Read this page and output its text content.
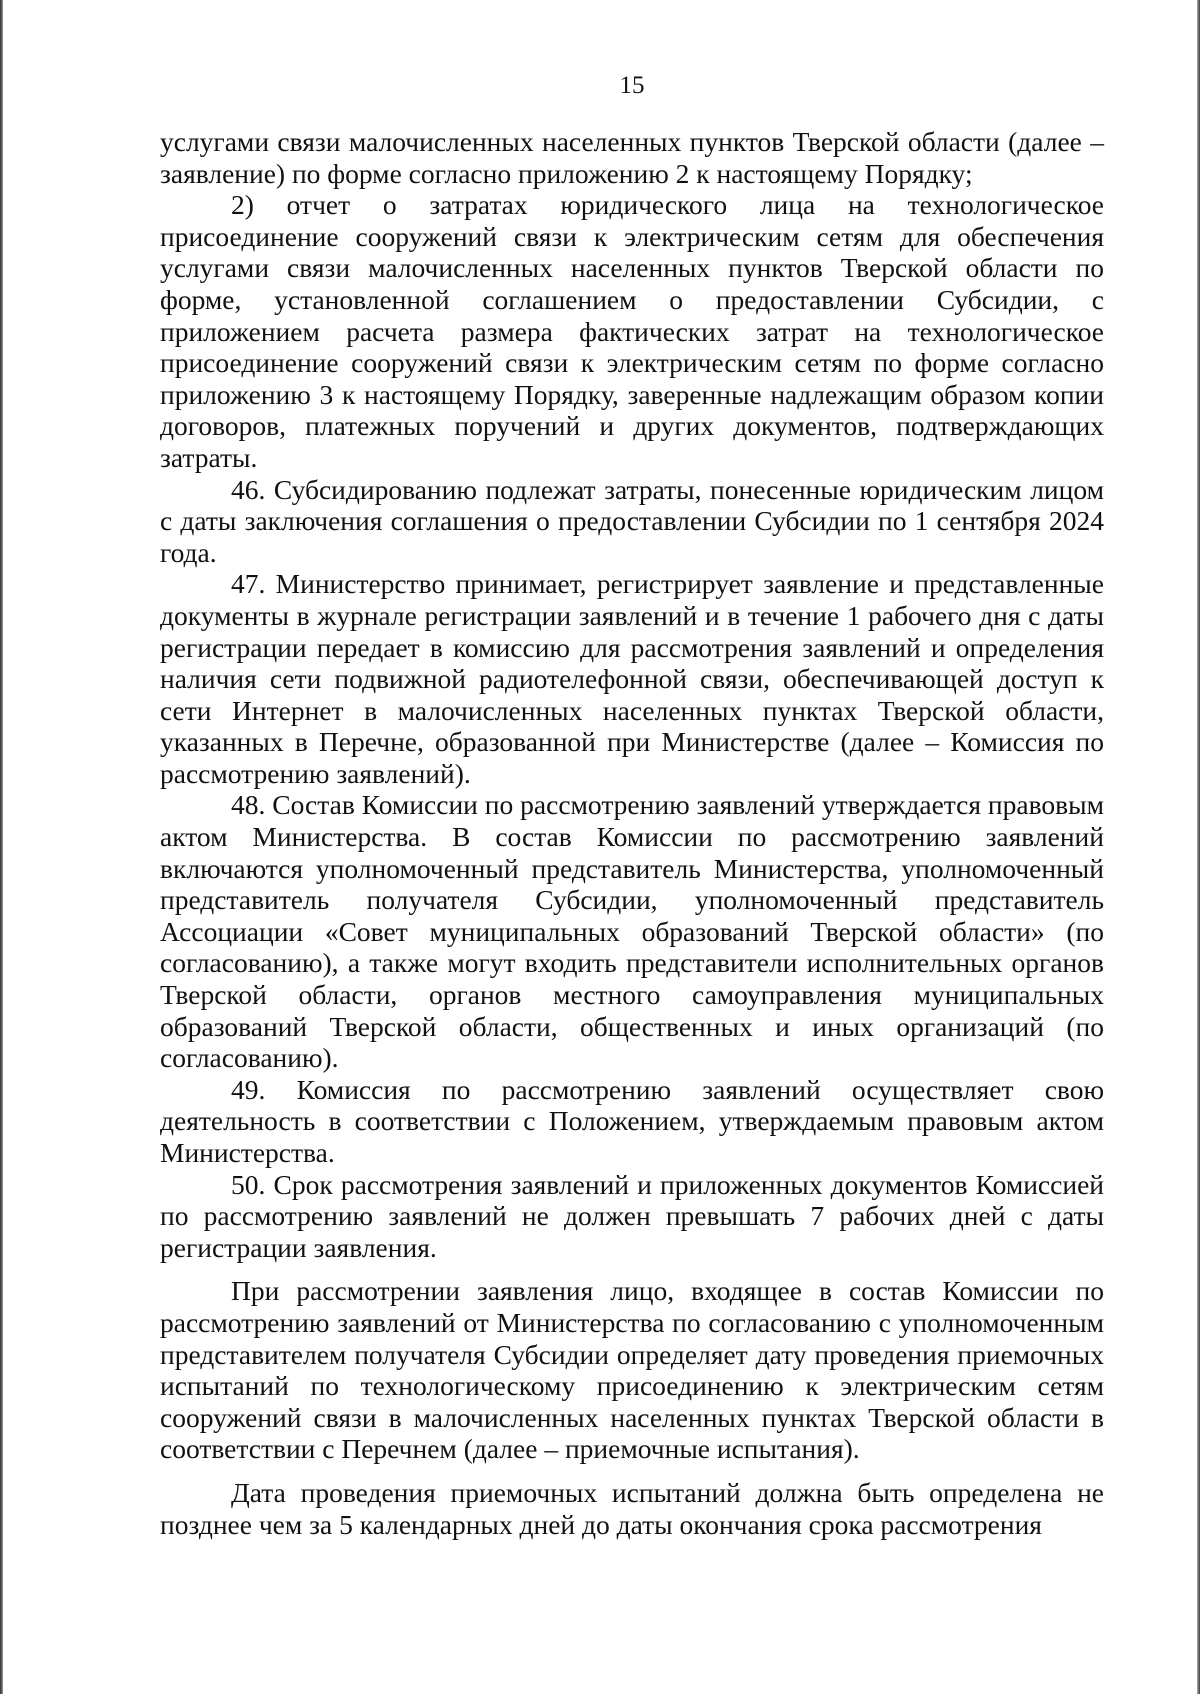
15

услугами связи малочисленных населенных пунктов Тверской области (далее – заявление) по форме согласно приложению 2 к настоящему Порядку;

2) отчет о затратах юридического лица на технологическое присоединение сооружений связи к электрическим сетям для обеспечения услугами связи малочисленных населенных пунктов Тверской области по форме, установленной соглашением о предоставлении Субсидии, с приложением расчета размера фактических затрат на технологическое присоединение сооружений связи к электрическим сетям по форме согласно приложению 3 к настоящему Порядку, заверенные надлежащим образом копии договоров, платежных поручений и других документов, подтверждающих затраты.

46. Субсидированию подлежат затраты, понесенные юридическим лицом с даты заключения соглашения о предоставлении Субсидии по 1 сентября 2024 года.

47. Министерство принимает, регистрирует заявление и представленные документы в журнале регистрации заявлений и в течение 1 рабочего дня с даты регистрации передает в комиссию для рассмотрения заявлений и определения наличия сети подвижной радиотелефонной связи, обеспечивающей доступ к сети Интернет в малочисленных населенных пунктах Тверской области, указанных в Перечне, образованной при Министерстве (далее – Комиссия по рассмотрению заявлений).

48. Состав Комиссии по рассмотрению заявлений утверждается правовым актом Министерства. В состав Комиссии по рассмотрению заявлений включаются уполномоченный представитель Министерства, уполномоченный представитель получателя Субсидии, уполномоченный представитель Ассоциации «Совет муниципальных образований Тверской области» (по согласованию), а также могут входить представители исполнительных органов Тверской области, органов местного самоуправления муниципальных образований Тверской области, общественных и иных организаций (по согласованию).

49. Комиссия по рассмотрению заявлений осуществляет свою деятельность в соответствии с Положением, утверждаемым правовым актом Министерства.

50. Срок рассмотрения заявлений и приложенных документов Комиссией по рассмотрению заявлений не должен превышать 7 рабочих дней с даты регистрации заявления.

При рассмотрении заявления лицо, входящее в состав Комиссии по рассмотрению заявлений от Министерства по согласованию с уполномоченным представителем получателя Субсидии определяет дату проведения приемочных испытаний по технологическому присоединению к электрическим сетям сооружений связи в малочисленных населенных пунктах Тверской области в соответствии с Перечнем (далее – приемочные испытания).

Дата проведения приемочных испытаний должна быть определена не позднее чем за 5 календарных дней до даты окончания срока рассмотрения
